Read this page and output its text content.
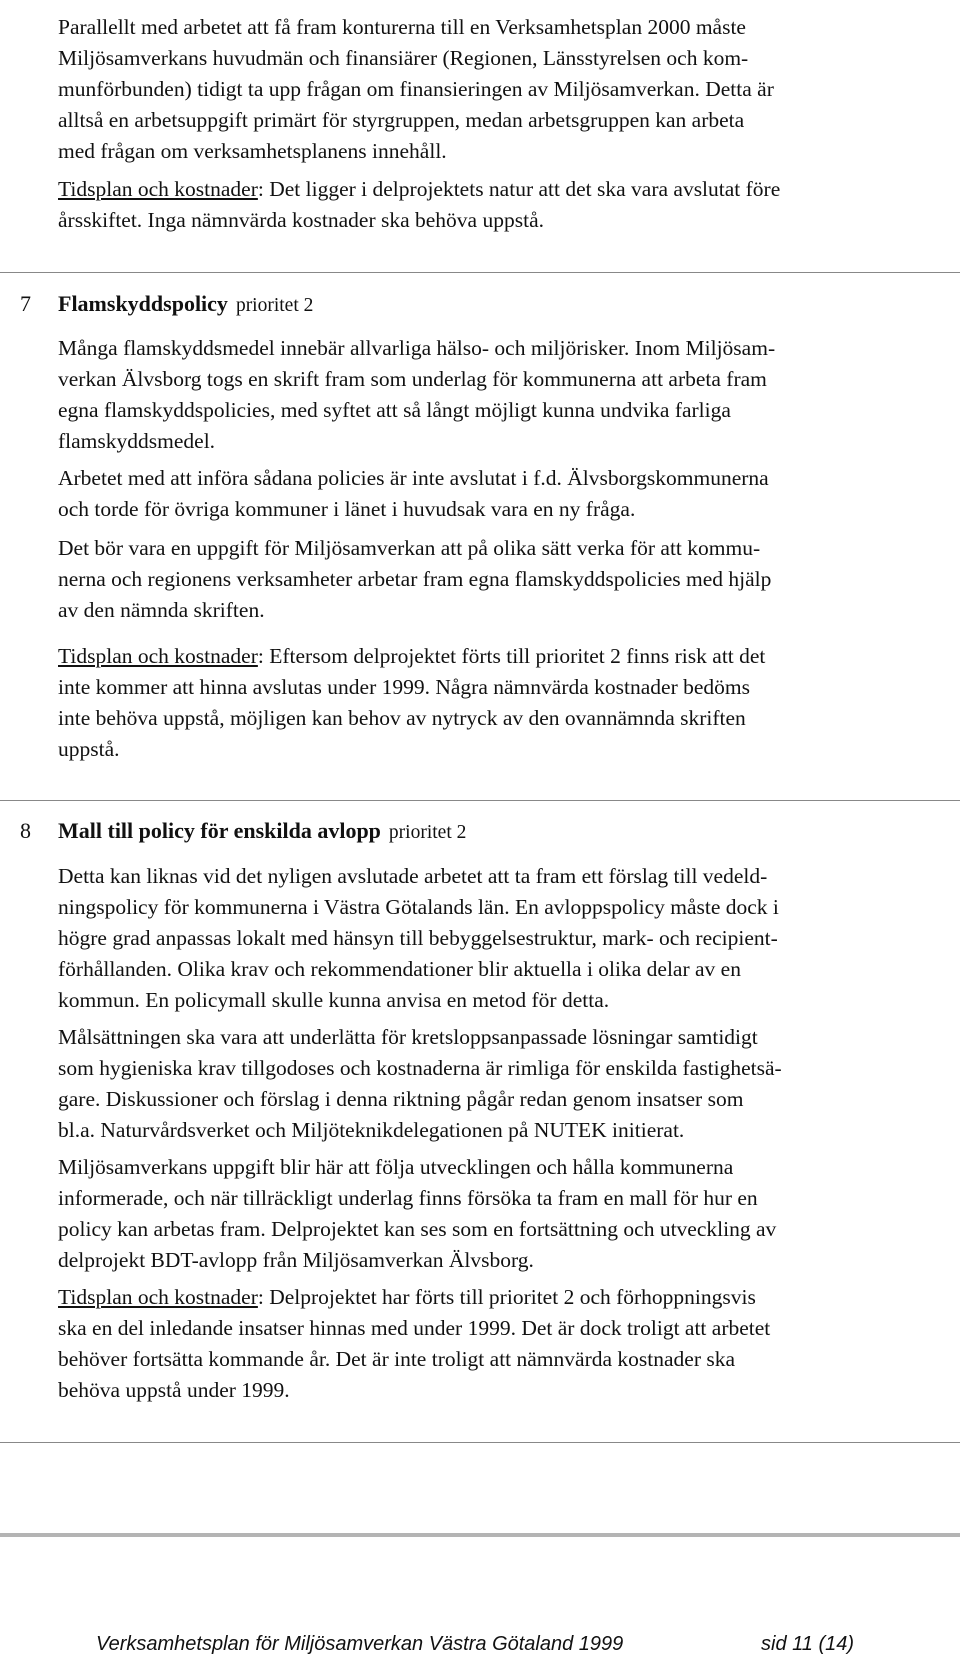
Parallellt med arbetet att få fram konturerna till en Verksamhetsplan 2000 måste
Miljösamverkans huvudmän och finansiärer (Regionen, Länsstyrelsen och kom-
munförbunden) tidigt ta upp frågan om finansieringen av Miljösamverkan. Detta är
alltså en arbetsuppgift primärt för styrgruppen, medan arbetsgruppen kan arbeta
med frågan om verksamhetsplanens innehåll.

Tidsplan och kostnader: Det ligger i delprojektets natur att det ska vara avslutat före
årsskiftet. Inga nämnvärda kostnader ska behöva uppstå.

7 Flamskyddspolicy prioritet 2

Många flamskyddsmedel innebär allvarliga hälso- och miljörisker. Inom Miljösam-
verkan Älvsborg togs en skrift fram som underlag för kommunerna att arbeta fram
egna flamskyddspolicies, med syftet att så långt möjligt kunna undvika farliga
flamskyddsmedel.

Arbetet med att införa sådana policies är inte avslutat i f.d. Älvsborgskommunerna
och torde för övriga kommuner i länet i huvudsak vara en ny fråga.

Det bör vara en uppgift för Miljösamverkan att på olika sätt verka för att kommu-
nerna och regionens verksamheter arbetar fram egna flamskyddspolicies med hjälp
av den nämnda skriften.

Tidsplan och kostnader: Eftersom delprojektet förts till prioritet 2 finns risk att det
inte kommer att hinna avslutas under 1999. Några nämnvärda kostnader bedöms
inte behöva uppstå, möjligen kan behov av nytryck av den ovannämnda skriften
uppstå.

8 Mall till policy för enskilda avlopp prioritet 2

Detta kan liknas vid det nyligen avslutade arbetet att ta fram ett förslag till vedeld-
ningspolicy för kommunerna i Västra Götalands län. En avloppspolicy måste dock i
högre grad anpassas lokalt med hänsyn till bebyggelsestruktur, mark- och recipient-
förhållanden. Olika krav och rekommendationer blir aktuella i olika delar av en
kommun. En policymall skulle kunna anvisa en metod för detta.

Målsättningen ska vara att underlätta för kretsloppsanpassade lösningar samtidigt
som hygieniska krav tillgodoses och kostnaderna är rimliga för enskilda fastighetsä-
gare. Diskussioner och förslag i denna riktning pågår redan genom insatser som
bl.a. Naturvårdsverket och Miljöteknikdelegationen på NUTEK initierat.

Miljösamverkans uppgift blir här att följa utvecklingen och hålla kommunerna
informerade, och när tillräckligt underlag finns försöka ta fram en mall för hur en
policy kan arbetas fram. Delprojektet kan ses som en fortsättning och utveckling av
delprojekt BDT-avlopp från Miljösamverkan Älvsborg.

Tidsplan och kostnader: Delprojektet har förts till prioritet 2 och förhoppningsvis
ska en del inledande insatser hinnas med under 1999. Det är dock troligt att arbetet
behöver fortsätta kommande år. Det är inte troligt att nämnvärda kostnader ska
behöva uppstå under 1999.

Verksamhetsplan för Miljösamverkan Västra Götaland 1999	sid 11 (14)
